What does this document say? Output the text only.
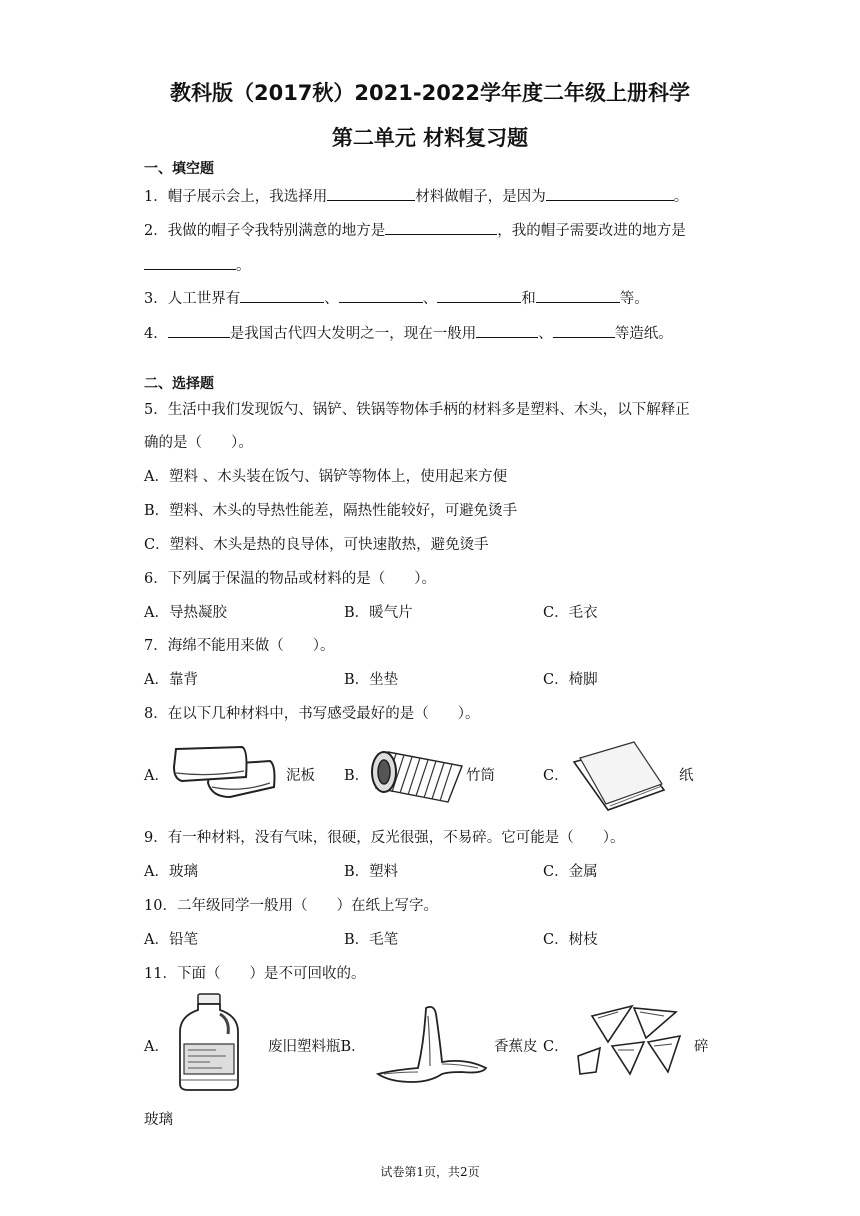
教科版（2017秋）2021-2022学年度二年级上册科学
第二单元 材料复习题
一、填空题
1．帽子展示会上，我选择用	材料做帽子，是因为	。
2．我做的帽子令我特别满意的地方是	，我的帽子需要改进的地方是
。
3．人工世界有	、	、	和	等。
4．	是我国古代四大发明之一，现在一般用	、	等造纸。
二、选择题
5．生活中我们发现饭勺、锅铲、铁锅等物体手柄的材料多是塑料、木头，以下解释正
确的是（　　）。
A．塑料 、木头装在饭勺、锅铲等物体上，使用起来方便
B．塑料、木头的导热性能差，隔热性能较好，可避免烫手
C．塑料、木头是热的良导体，可快速散热，避免烫手
6．下列属于保温的物品或材料的是（　　）。
A．导热凝胶	B．暖气片	C．毛衣
7．海绵不能用来做（　　）。
A．靠背	B．坐垫	C．椅脚
8．在以下几种材料中，书写感受最好的是（　　）。
A．	泥板 B．	竹筒	C．	纸
9．有一种材料，没有气味，很硬，反光很强，不易碎。它可能是（　　）。
A．玻璃	B．塑料	C．金属
10．二年级同学一般用（　　）在纸上写字。
A．铅笔	B．毛笔	C．树枝
11．下面（　　）是不可回收的。
A．	废旧塑料瓶B．	香蕉皮 C．	碎
玻璃
试卷第1页，共2页
